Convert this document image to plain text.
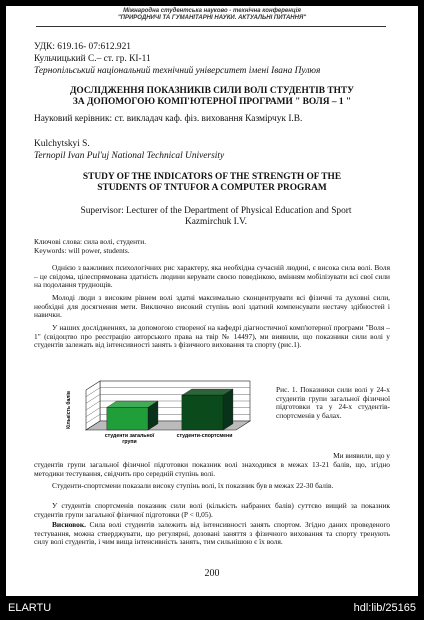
Міжнародна студентська науково - технічна конференція
"ПРИРОДНИЧІ ТА ГУМАНІТАРНІ НАУКИ. АКТУАЛЬНІ ПИТАННЯ"
УДК: 619.16- 07:612.921
Кульчицький С.– ст. гр. КІ-11
Тернопільський національний технічний університет імені Івана Пулюя
ДОСЛІДЖЕННЯ ПОКАЗНИКІВ СИЛИ ВОЛІ СТУДЕНТІВ ТНТУ
ЗА ДОПОМОГОЮ КОМП'ЮТЕРНОЇ ПРОГРАМИ " ВОЛЯ – 1 "
Науковий керівник: ст. викладач каф. фіз. виховання Казмірчук І.В.
Kulchytskyi S.
Ternopil Ivan Pul'uj National Technical University
STUDY OF THE INDICATORS OF THE STRENGTH OF THE
STUDENTS OF TNTUFOR A COMPUTER PROGRAM
Supervisor: Lecturer of the Department of Physical Education and Sport
Kazmirchuk I.V.
Ключові слова: сила волі, студенти.
Keywords: will power, students.
Однією з важливих психологічних рис характеру, яка необхідна сучасній людині, є висока сила волі. Воля – це свідома, цілеспрямована здатність людини керувати своєю поведінкою, вмінням мобілізувати всі свої сили на подолання труднощів.
Молоді люди з високим рівнем волі здатні максимально сконцентрувати всі фізичні та духовні сили, необхідні для досягнення мети. Виключно високий ступінь волі здатний компенсувати нестачу здібностей і навички.
У наших дослідженнях, за допомогою створеної на кафедрі діагностичної комп'ютерної програми "Воля – 1" (свідоцтво про реєстрацію авторського права на твір № 14497), ми виявили, що показники сили волі у студентів залежать від інтенсивності занять з фізичного виховання та спорту (рис.1).
Кількість балів
студенти загальної
групи
студенти-спортсмени
Рис. 1. Показники сили волі у 24-х студентів групи загальної фізичної підготовки та у 24-х студентів-спортсменів у балах.
Ми виявили, що у
студентів групи загальної фізичної підготовки показник волі знаходився в межах 13-21 балів, що, згідно методики тестування, свідчить про середній ступінь волі.
Студенти-спортсмени показали високу ступінь волі, їх показник був в межах 22-30 балів.
У студентів спортсменів показник сили волі (кількість набраних балів) суттєво вищий за показник студентів групи загальної фізичної підготовки (P < 0,05).
Висновок. Сила волі студентів залежить від інтенсивності занять спортом. Згідно даних проведеного тестування, можна стверджувати, що регулярні, дозовані заняття з фізичного виховання та спорту тренують силу волі студентів, і чим вища інтенсивність занять, тим сильнішою є їх воля.
200
ELARTU	hdl:lib/25165
